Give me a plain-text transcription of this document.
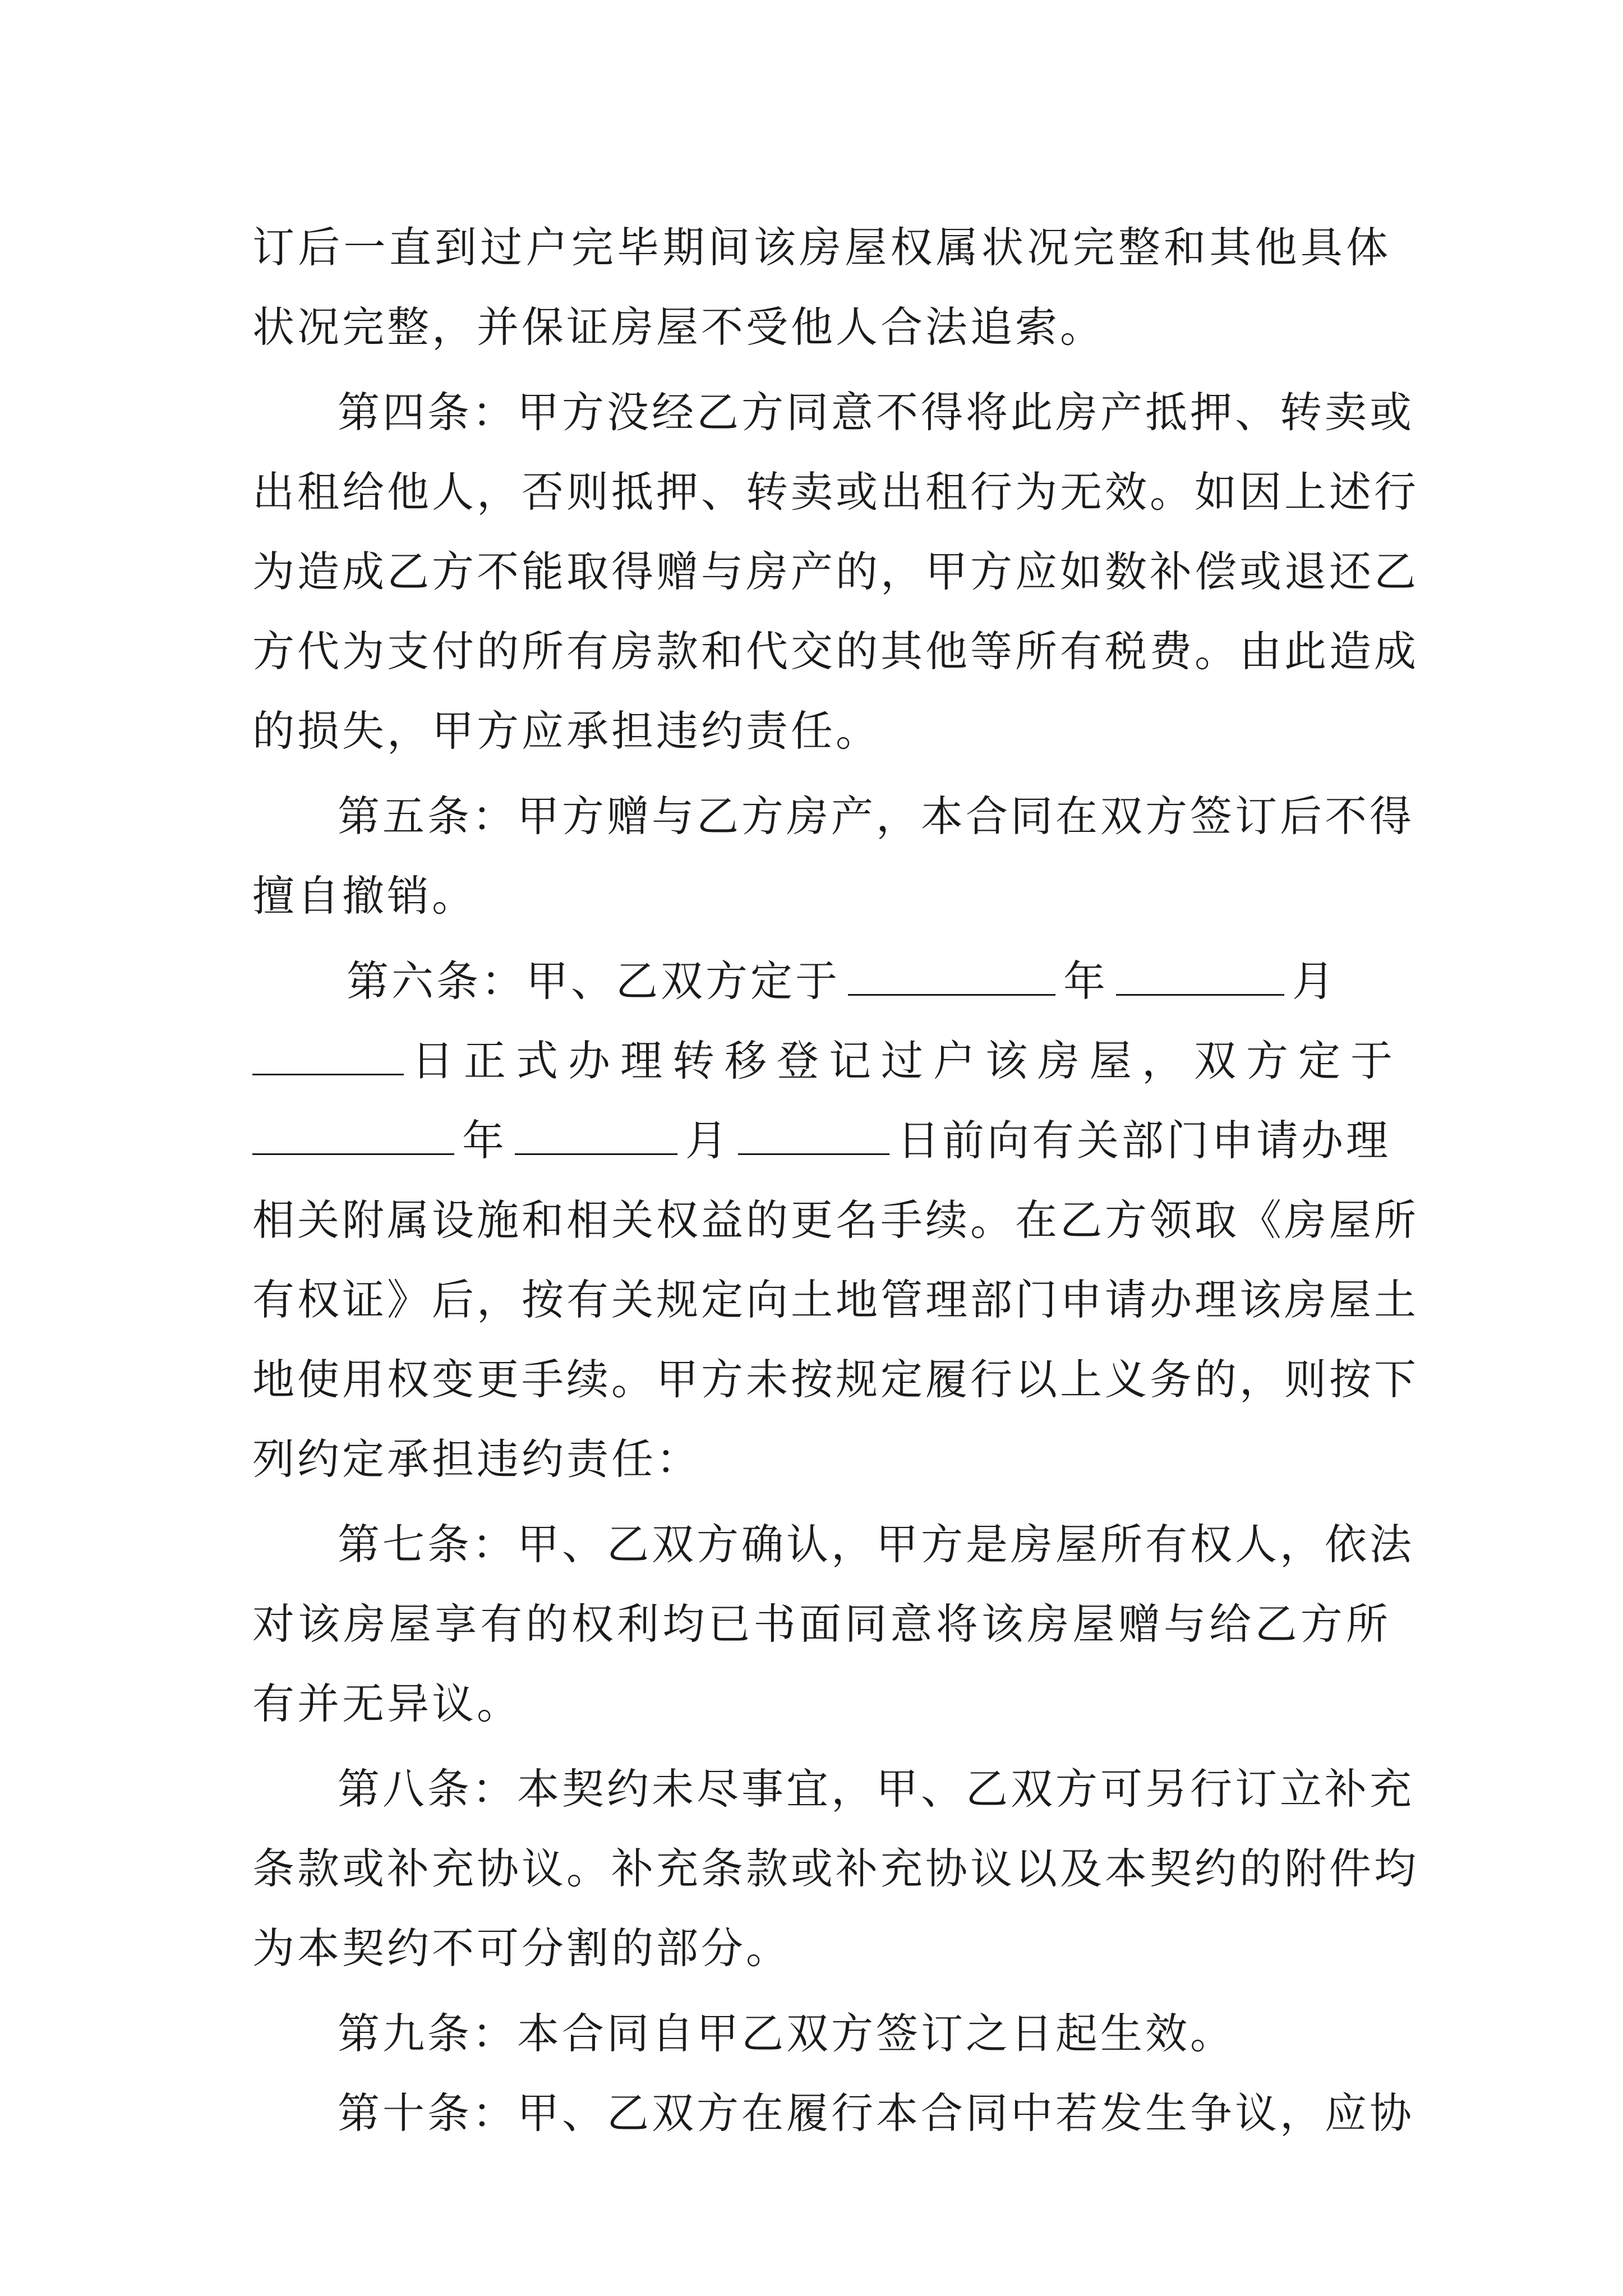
订后一直到过户完毕期间该房屋权属状况完整和其他具体
状况完整，并保证房屋不受他人合法追索。
第四条：甲方没经乙方同意不得将此房产抵押、转卖或
出租给他人，否则抵押、转卖或出租行为无效。如因上述行
为造成乙方不能取得赠与房产的，甲方应如数补偿或退还乙
方代为支付的所有房款和代交的其他等所有税费。由此造成
的损失，甲方应承担违约责任。
第五条：甲方赠与乙方房产，本合同在双方签订后不得
擅自撤销。
第六条：甲、乙双方定于	年	月
日正式办理转移登记过户该房屋，双方定于
年	月	日前向有关部门申请办理
相关附属设施和相关权益的更名手续。在乙方领取《房屋所
有权证》后，按有关规定向土地管理部门申请办理该房屋土
地使用权变更手续。甲方未按规定履行以上义务的，则按下
列约定承担违约责任：
第七条：甲、乙双方确认，甲方是房屋所有权人，依法
对该房屋享有的权利均已书面同意将该房屋赠与给乙方所
有并无异议。
第八条：本契约未尽事宜，甲、乙双方可另行订立补充
条款或补充协议。补充条款或补充协议以及本契约的附件均
为本契约不可分割的部分。
第九条：本合同自甲乙双方签订之日起生效。
第十条：甲、乙双方在履行本合同中若发生争议，应协
